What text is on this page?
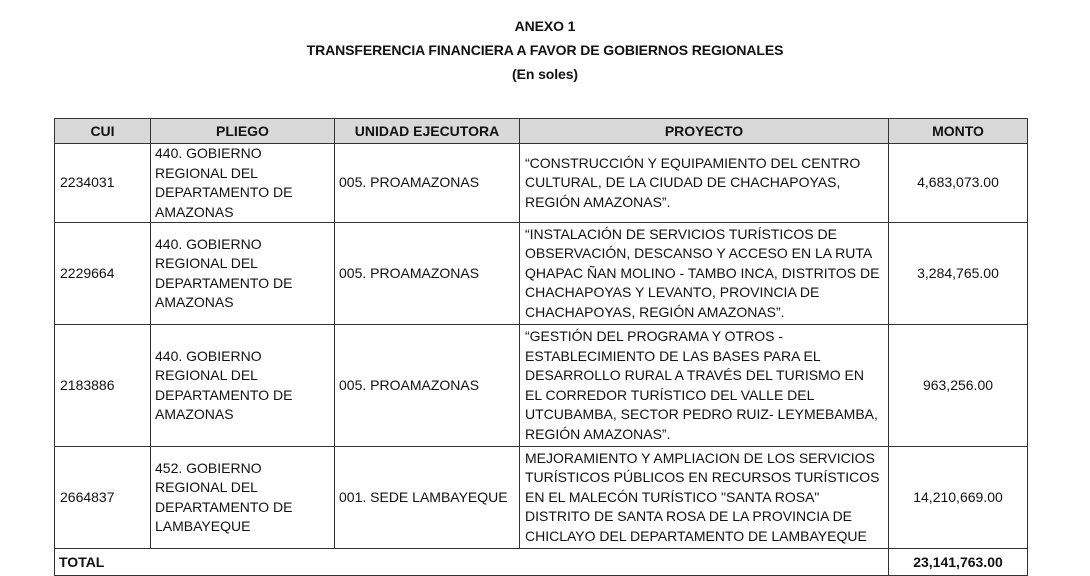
ANEXO 1
TRANSFERENCIA FINANCIERA A FAVOR DE GOBIERNOS REGIONALES
(En soles)
CUI	PLIEGO	UNIDAD EJECUTORA	PROYECTO	MONTO
2234031	440. GOBIERNO REGIONAL DEL DEPARTAMENTO DE AMAZONAS	005. PROAMAZONAS	“CONSTRUCCIÓN Y EQUIPAMIENTO DEL CENTRO CULTURAL, DE LA CIUDAD DE CHACHAPOYAS, REGIÓN AMAZONAS”.	4,683,073.00
2229664	440. GOBIERNO REGIONAL DEL DEPARTAMENTO DE AMAZONAS	005. PROAMAZONAS	“INSTALACIÓN DE SERVICIOS TURÍSTICOS DE OBSERVACIÓN, DESCANSO Y ACCESO EN LA RUTA QHAPAC ÑAN MOLINO - TAMBO INCA, DISTRITOS DE CHACHAPOYAS Y LEVANTO, PROVINCIA DE CHACHAPOYAS, REGIÓN AMAZONAS”.	3,284,765.00
2183886	440. GOBIERNO REGIONAL DEL DEPARTAMENTO DE AMAZONAS	005. PROAMAZONAS	“GESTIÓN DEL PROGRAMA Y OTROS - ESTABLECIMIENTO DE LAS BASES PARA EL DESARROLLO RURAL A TRAVÉS DEL TURISMO EN EL CORREDOR TURÍSTICO DEL VALLE DEL UTCUBAMBA, SECTOR PEDRO RUIZ- LEYMEBAMBA, REGIÓN AMAZONAS”.	963,256.00
2664837	452. GOBIERNO REGIONAL DEL DEPARTAMENTO DE LAMBAYEQUE	001. SEDE LAMBAYEQUE	MEJORAMIENTO Y AMPLIACION DE LOS SERVICIOS TURÍSTICOS PÚBLICOS EN RECURSOS TURÍSTICOS EN EL MALECÓN TURÍSTICO "SANTA ROSA" DISTRITO DE SANTA ROSA DE LA PROVINCIA DE CHICLAYO DEL DEPARTAMENTO DE LAMBAYEQUE	14,210,669.00
TOTAL				23,141,763.00
